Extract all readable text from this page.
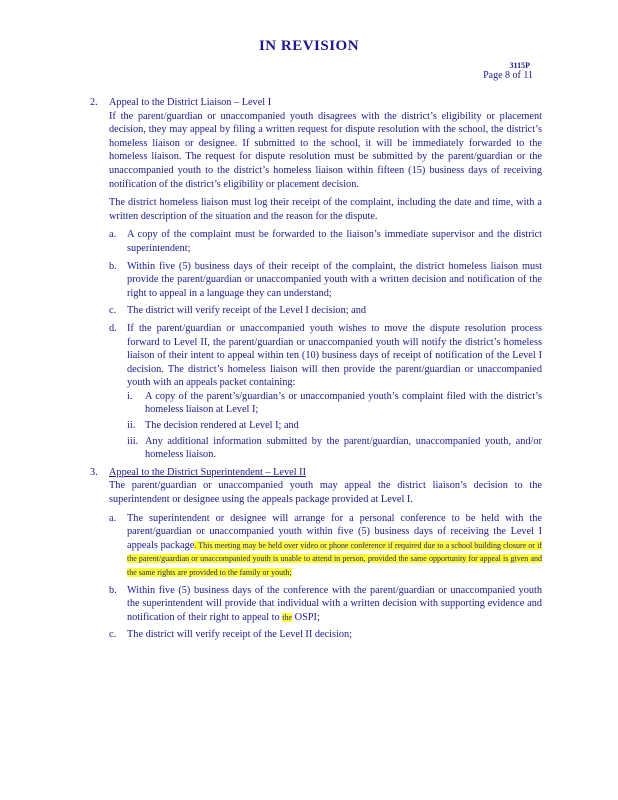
IN REVISION
3115P
Page 8 of 11
2. Appeal to the District Liaison – Level I

If the parent/guardian or unaccompanied youth disagrees with the district’s eligibility or placement decision, they may appeal by filing a written request for dispute resolution with the school, the district’s homeless liaison or designee. If submitted to the school, it will be immediately forwarded to the homeless liaison. The request for dispute resolution must be submitted by the parent/guardian or the unaccompanied youth to the district’s homeless liaison within fifteen (15) business days of receiving notification of the district’s eligibility or placement decision.

The district homeless liaison must log their receipt of the complaint, including the date and time, with a written description of the situation and the reason for the dispute.

a. A copy of the complaint must be forwarded to the liaison’s immediate supervisor and the district superintendent;
b. Within five (5) business days of their receipt of the complaint, the district homeless liaison must provide the parent/guardian or unaccompanied youth with a written decision and notification of the right to appeal in a language they can understand;
c. The district will verify receipt of the Level I decision; and
d. If the parent/guardian or unaccompanied youth wishes to move the dispute resolution process forward to Level II, the parent/guardian or unaccompanied youth will notify the district’s homeless liaison of their intent to appeal within ten (10) business days of receipt of notification of the Level I decision. The district’s homeless liaison will then provide the parent/guardian or unaccompanied youth with an appeals packet containing:
i. A copy of the parent’s/guardian’s or unaccompanied youth’s complaint filed with the district’s homeless liaison at Level I;
ii. The decision rendered at Level I; and
iii. Any additional information submitted by the parent/guardian, unaccompanied youth, and/or homeless liaison.
3. Appeal to the District Superintendent – Level II

The parent/guardian or unaccompanied youth may appeal the district liaison’s decision to the superintendent or designee using the appeals package provided at Level I.

a. The superintendent or designee will arrange for a personal conference to be held with the parent/guardian or unaccompanied youth within five (5) business days of receiving the Level I appeals package. This meeting may be held over video or phone conference if required due to a school building closure or if the parent/guardian or unaccompanied youth is unable to attend in person, provided the same opportunity for appeal is given and the same rights are provided to the family or youth;
b. Within five (5) business days of the conference with the parent/guardian or unaccompanied youth the superintendent will provide that individual with a written decision with supporting evidence and notification of their right to appeal to the OSPI;
c. The district will verify receipt of the Level II decision;
